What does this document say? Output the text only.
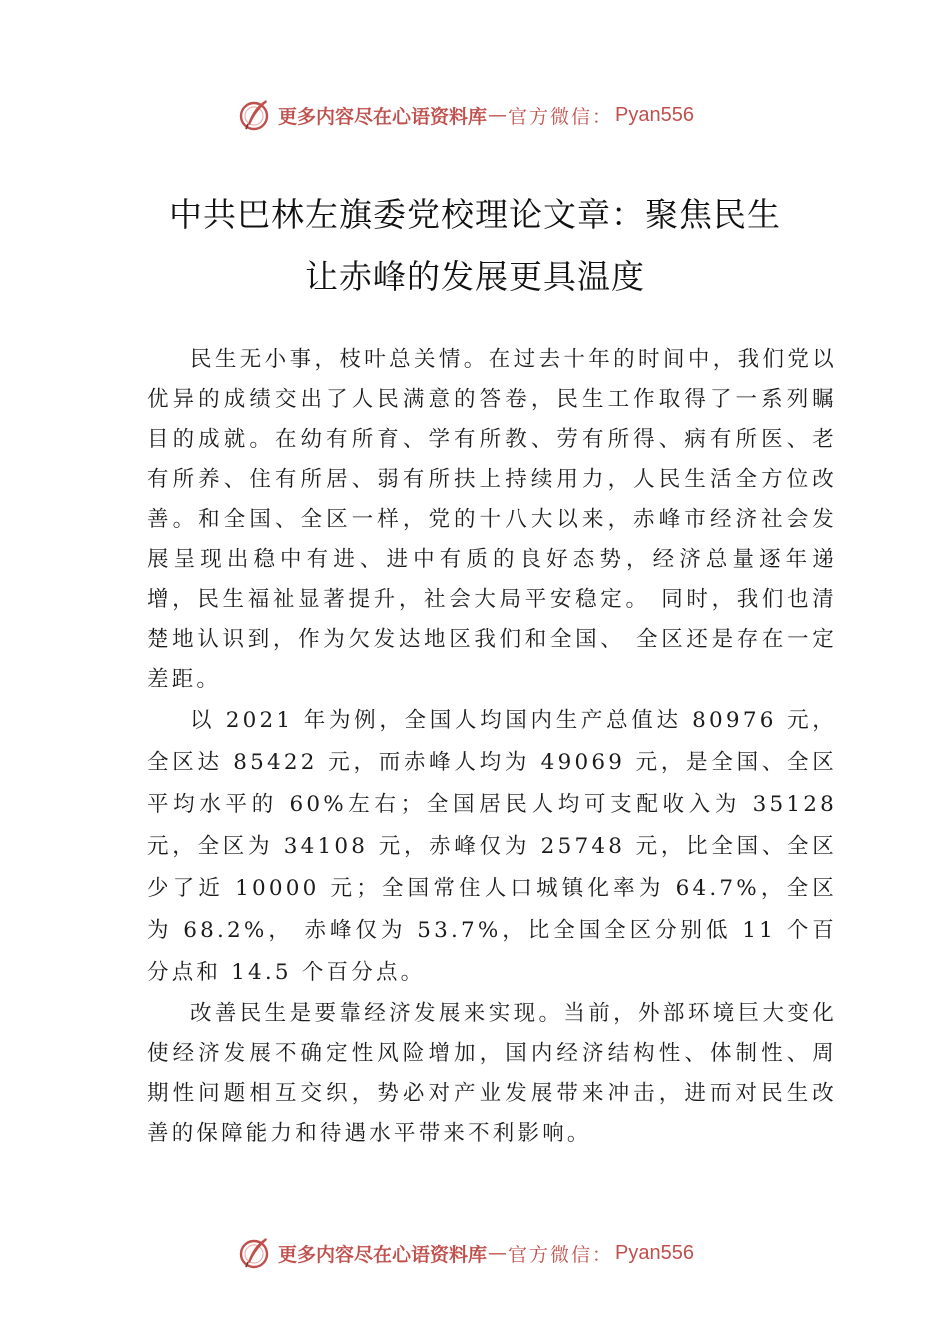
更多内容尽在心语资料库 — 官方微信： Pyan556
中共巴林左旗委党校理论文章：聚焦民生
让赤峰的发展更具温度

民生无小事，枝叶总关情。在过去十年的时间中，我们党以优异的成绩交出了人民满意的答卷，民生工作取得了一系列瞩目的成就。在幼有所育、学有所教、劳有所得、病有所医、老有所养、住有所居、弱有所扶上持续用力，人民生活全方位改善。和全国、全区一样，党的十八大以来，赤峰市经济社会发展呈现出稳中有进、进中有质的良好态势，经济总量逐年递增，民生福祉显著提升，社会大局平安稳定。 同时，我们也清楚地认识到，作为欠发达地区我们和全国、 全区还是存在一定差距。

以 2021 年为例，全国人均国内生产总值达 80976 元，全区达 85422 元，而赤峰人均为 49069 元，是全国、全区平均水平的 60%左右；全国居民人均可支配收入为 35128 元，全区为 34108 元，赤峰仅为 25748 元，比全国、全区少了近 10000 元；全国常住人口城镇化率为 64.7%，全区为 68.2%， 赤峰仅为 53.7%，比全国全区分别低 11 个百分点和 14.5 个百分点。

改善民生是要靠经济发展来实现。当前，外部环境巨大变化使经济发展不确定性风险增加，国内经济结构性、体制性、周期性问题相互交织，势必对产业发展带来冲击，进而对民生改善的保障能力和待遇水平带来不利影响。

更多内容尽在心语资料库 — 官方微信： Pyan556
